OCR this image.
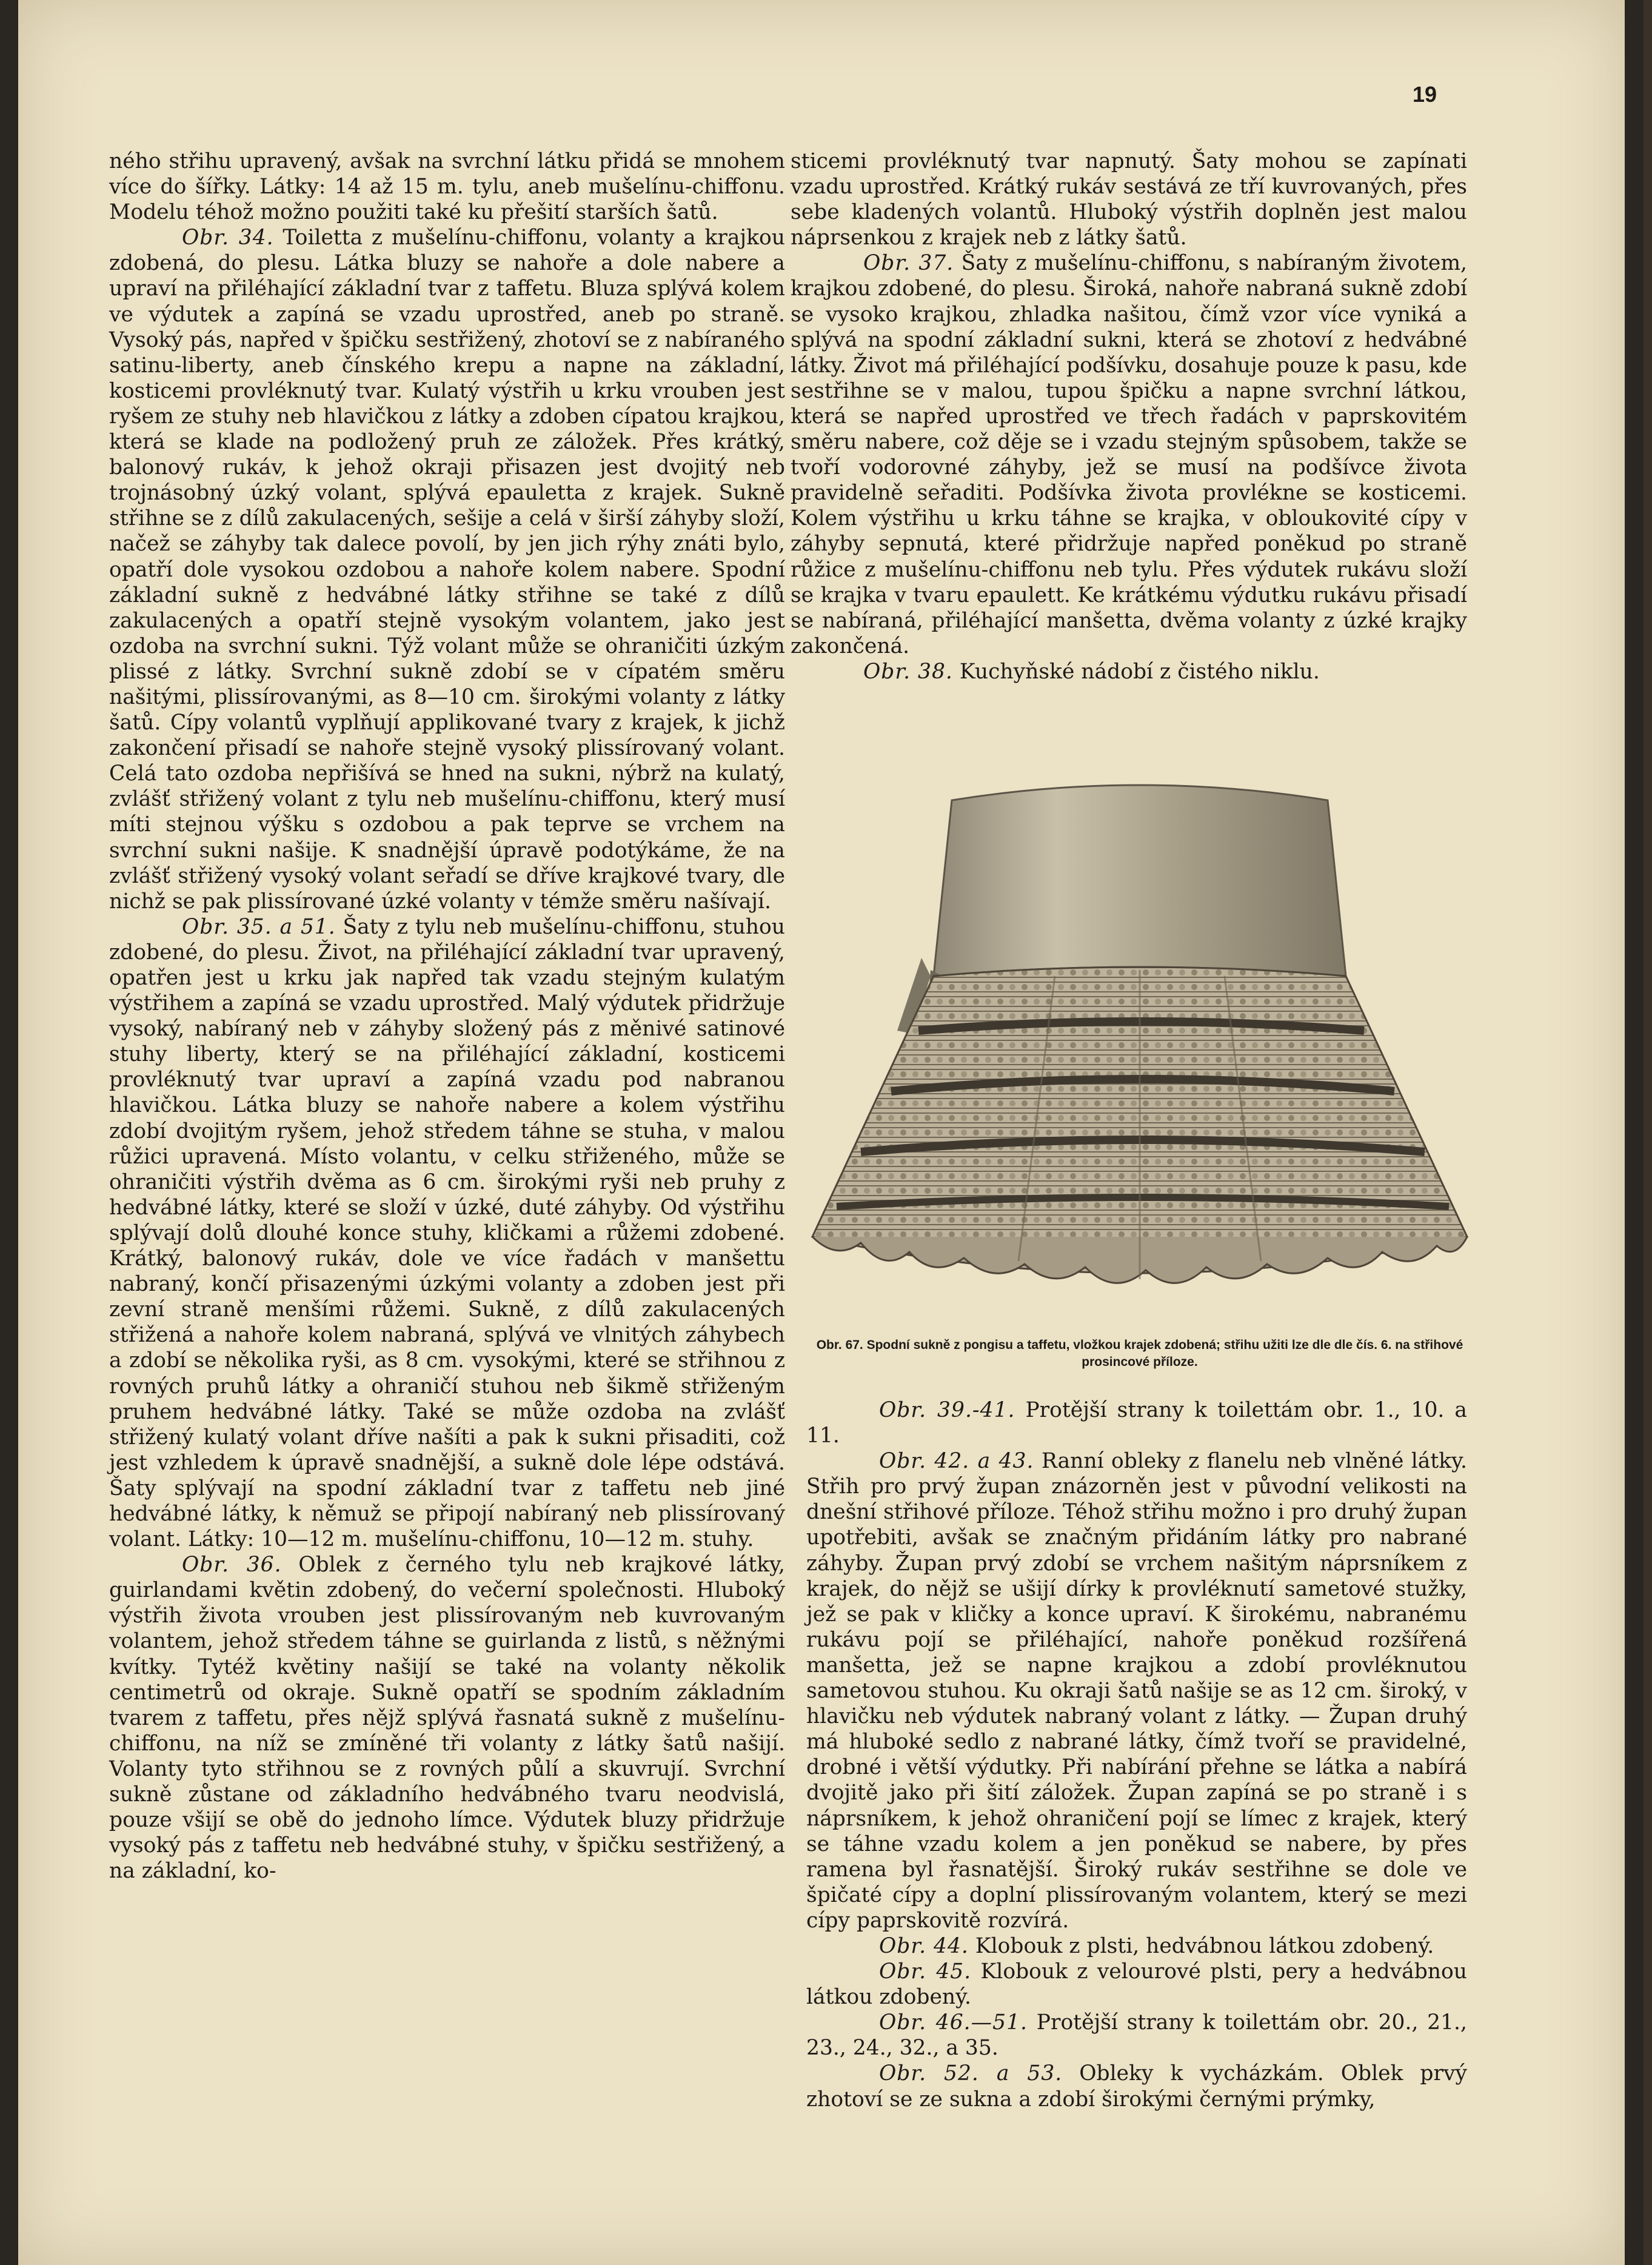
19

ného střihu upravený, avšak na svrchní látku přidá se mnohem více do šířky. Látky: 14 až 15 m. tylu, aneb mušelínu-chiffonu. Modelu téhož možno použiti také ku přešití starších šatů.

Obr. 34. Toiletta z mušelínu-chiffonu, volanty a krajkou zdobená, do plesu. Látka bluzy se nahoře a dole nabere a upraví na přiléhající základní tvar z taffetu. Bluza splývá kolem ve výdutek a zapíná se vzadu uprostřed, aneb po straně. Vysoký pás, napřed v špičku sestřižený, zhotoví se z nabíraného satinu-liberty, aneb čínského krepu a napne na základní, kosticemi provléknutý tvar. Kulatý výstřih u krku vrouben jest ryšem ze stuhy neb hlavičkou z látky a zdoben cípatou krajkou, která se klade na podložený pruh ze záložek. Přes krátký, balonový rukáv, k jehož okraji přisazen jest dvojitý neb trojnásobný úzký volant, splývá epauletta z krajek. Sukně střihne se z dílů zakulacených, sešije a celá v širší záhyby složí, načež se záhyby tak dalece povolí, by jen jich rýhy znáti bylo, opatří dole vysokou ozdobou a nahoře kolem nabere. Spodní základní sukně z hedvábné látky střihne se také z dílů zakulacených a opatří stejně vysokým volantem, jako jest ozdoba na svrchní sukni. Týž volant může se ohraničiti úzkým plissé z látky. Svrchní sukně zdobí se v cípatém směru našitými, plissírovanými, as 8—10 cm. širokými volanty z látky šatů. Cípy volantů vyplňují applikované tvary z krajek, k jichž zakončení přisadí se nahoře stejně vysoký plissírovaný volant. Celá tato ozdoba nepřišívá se hned na sukni, nýbrž na kulatý, zvlášť střižený volant z tylu neb mušelínu-chiffonu, který musí míti stejnou výšku s ozdobou a pak teprve se vrchem na svrchní sukni našije. K snadnější úpravě podotýkáme, že na zvlášť střižený vysoký volant seřadí se dříve krajkové tvary, dle nichž se pak plissírované úzké volanty v témže směru našívají.

Obr. 35. a 51. Šaty z tylu neb mušelínu-chiffonu, stuhou zdobené, do plesu. Život, na přiléhající základní tvar upravený, opatřen jest u krku jak napřed tak vzadu stejným kulatým výstřihem a zapíná se vzadu uprostřed. Malý výdutek přidržuje vysoký, nabíraný neb v záhyby složený pás z měnivé satinové stuhy liberty, který se na přiléhající základní, kosticemi provléknutý tvar upraví a zapíná vzadu pod nabranou hlavičkou. Látka bluzy se nahoře nabere a kolem výstřihu zdobí dvojitým ryšem, jehož středem táhne se stuha, v malou růžici upravená. Místo volantu, v celku střiženého, může se ohraničiti výstřih dvěma as 6 cm. širokými ryši neb pruhy z hedvábné látky, které se složí v úzké, duté záhyby. Od výstřihu splývají dolů dlouhé konce stuhy, kličkami a růžemi zdobené. Krátký, balonový rukáv, dole ve více řadách v manšettu nabraný, končí přisazenými úzkými volanty a zdoben jest při zevní straně menšími růžemi. Sukně, z dílů zakulacených střižená a nahoře kolem nabraná, splývá ve vlnitých záhybech a zdobí se několika ryši, as 8 cm. vysokými, které se střihnou z rovných pruhů látky a ohraničí stuhou neb šikmě střiženým pruhem hedvábné látky. Také se může ozdoba na zvlášť střižený kulatý volant dříve našíti a pak k sukni přisaditi, což jest vzhledem k úpravě snadnější, a sukně dole lépe odstává. Šaty splývají na spodní základní tvar z taffetu neb jiné hedvábné látky, k němuž se připojí nabíraný neb plissírovaný volant. Látky: 10—12 m. mušelínu-chiffonu, 10—12 m. stuhy.

Obr. 36. Oblek z černého tylu neb krajkové látky, guirlandami květin zdobený, do večerní společnosti. Hluboký výstřih života vrouben jest plissírovaným neb kuvrovaným volantem, jehož středem táhne se guirlanda z listů, s něžnými kvítky. Tytéž květiny našijí se také na volanty několik centimetrů od okraje. Sukně opatří se spodním základním tvarem z taffetu, přes nějž splývá řasnatá sukně z mušelínu-chiffonu, na níž se zmíněné tři volanty z látky šatů našijí. Volanty tyto střihnou se z rovných půlí a skuvrují. Svrchní sukně zůstane od základního hedvábného tvaru neodvislá, pouze všijí se obě do jednoho límce. Výdutek bluzy přidržuje vysoký pás z taffetu neb hedvábné stuhy, v špičku sestřižený, a na základní, ko-

sticemi provléknutý tvar napnutý. Šaty mohou se zapínati vzadu uprostřed. Krátký rukáv sestává ze tří kuvrovaných, přes sebe kladených volantů. Hluboký výstřih doplněn jest malou náprsenkou z krajek neb z látky šatů.

Obr. 37. Šaty z mušelínu-chiffonu, s nabíraným životem, krajkou zdobené, do plesu. Široká, nahoře nabraná sukně zdobí se vysoko krajkou, zhladka našitou, čímž vzor více vyniká a splývá na spodní základní sukni, která se zhotoví z hedvábné látky. Život má přiléhající podšívku, dosahuje pouze k pasu, kde sestřihne se v malou, tupou špičku a napne svrchní látkou, která se napřed uprostřed ve třech řadách v paprskovitém směru nabere, což děje se i vzadu stejným spůsobem, takže se tvoří vodorovné záhyby, jež se musí na podšívce života pravidelně seřaditi. Podšívka života provlékne se kosticemi. Kolem výstřihu u krku táhne se krajka, v obloukovité cípy v záhyby sepnutá, které přidržuje napřed poněkud po straně růžice z mušelínu-chiffonu neb tylu. Přes výdutek rukávu složí se krajka v tvaru epaulett. Ke krátkému výdutku rukávu přisadí se nabíraná, přiléhající manšetta, dvěma volanty z úzké krajky zakončená.

Obr. 38. Kuchyňské nádobí z čistého niklu.

Obr. 67. Spodní sukně z pongisu a taffetu, vložkou krajek zdobená; střihu užiti lze dle dle čís. 6. na střihové prosincové příloze.

Obr. 39.-41. Protější strany k toilettám obr. 1., 10. a 11.

Obr. 42. a 43. Ranní obleky z flanelu neb vlněné látky. Střih pro prvý župan znázorněn jest v původní velikosti na dnešní střihové příloze. Téhož střihu možno i pro druhý župan upotřebiti, avšak se značným přidáním látky pro nabrané záhyby. Župan prvý zdobí se vrchem našitým náprsníkem z krajek, do nějž se ušijí dírky k provléknutí sametové stužky, jež se pak v kličky a konce upraví. K širokému, nabranému rukávu pojí se přiléhající, nahoře poněkud rozšířená manšetta, jež se napne krajkou a zdobí provléknutou sametovou stuhou. Ku okraji šatů našije se as 12 cm. široký, v hlavičku neb výdutek nabraný volant z látky. — Župan druhý má hluboké sedlo z nabrané látky, čímž tvoří se pravidelné, drobné i větší výdutky. Při nabírání přehne se látka a nabírá dvojitě jako při šití záložek. Župan zapíná se po straně i s náprsníkem, k jehož ohraničení pojí se límec z krajek, který se táhne vzadu kolem a jen poněkud se nabere, by přes ramena byl řasnatější. Široký rukáv sestřihne se dole ve špičaté cípy a doplní plissírovaným volantem, který se mezi cípy paprskovitě rozvírá.

Obr. 44. Klobouk z plsti, hedvábnou látkou zdobený.

Obr. 45. Klobouk z velourové plsti, pery a hedvábnou látkou zdobený.

Obr. 46.—51. Protější strany k toilettám obr. 20., 21., 23., 24., 32., a 35.

Obr. 52. a 53. Obleky k vycházkám. Oblek prvý zhotoví se ze sukna a zdobí širokými černými prýmky,
